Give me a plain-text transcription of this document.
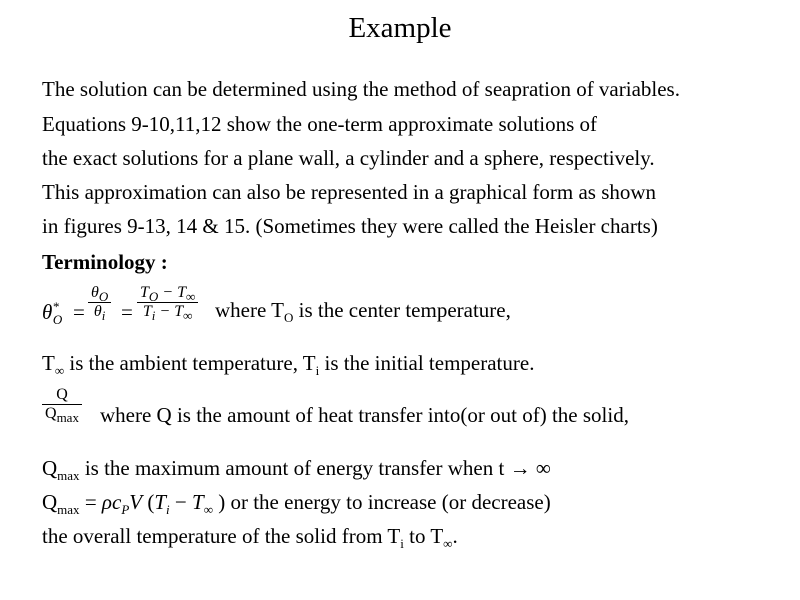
Example
The solution can be determined using the method of seapration of variables.
Equations 9-10,11,12 show the one-term approximate solutions of
the exact solutions for a plane wall, a cylinder and a sphere, respectively.
This approximation can also be represented in a graphical form as shown
in figures 9-13, 14 & 15. (Sometimes they were called the Heisler charts)
Terminology :
$\theta^*_O$ =
$\theta_O$
$\theta_i$ =
$T_O - T_\infty$
$T_i - T_\infty$ where $T_O$ is the center temperature,
$T_\infty$ is the ambient temperature, $T_i$ is the initial temperature.
Q
$Q_{max}$ where Q is the amount of heat transfer into(or out of) the solid,
$Q_{max}$ is the maximum amount of energy transfer when t → ∞
$Q_{max} = \rho c_PV$ ($T_i - T_\infty$ ) or the energy to increase (or decrease)
the overall temperature of the solid from $T_i$ to $T_\infty$.
